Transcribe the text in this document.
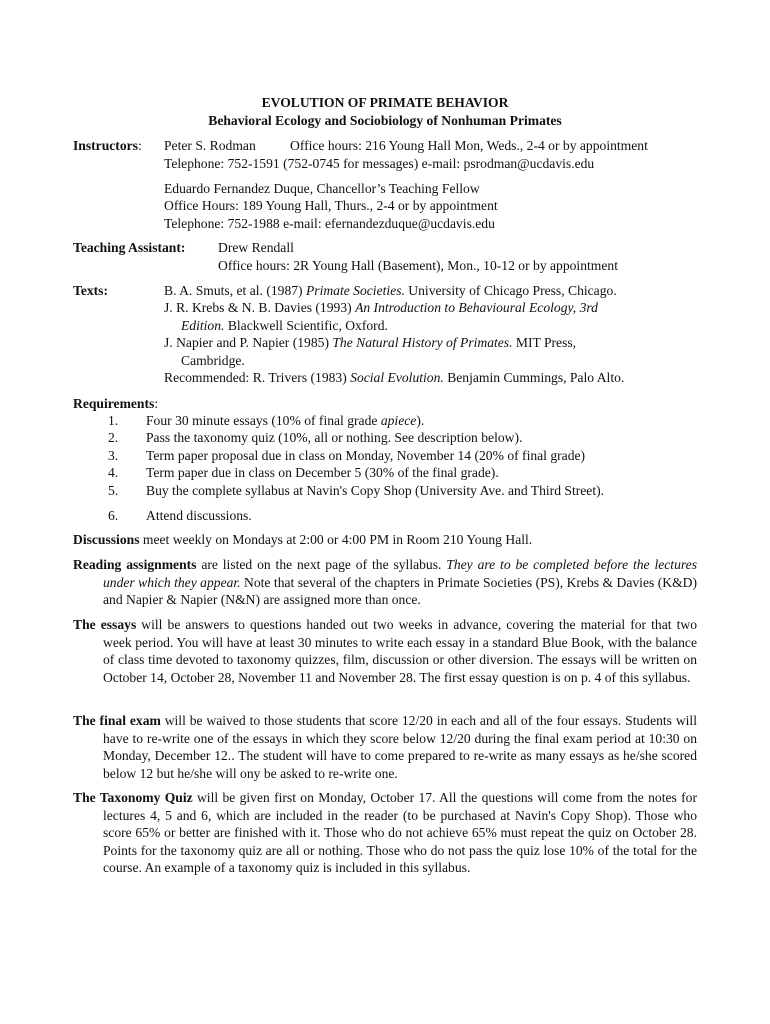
EVOLUTION OF PRIMATE BEHAVIOR
Behavioral Ecology and Sociobiology of Nonhuman Primates
Instructors: Peter S. Rodman	Office hours: 216 Young Hall Mon, Weds., 2-4 or by appointment
Telephone: 752-1591 (752-0745 for messages) e-mail: psrodman@ucdavis.edu
Eduardo Fernandez Duque, Chancellor’s Teaching Fellow
Office Hours: 189 Young Hall, Thurs., 2-4 or by appointment
Telephone: 752-1988 e-mail: efernandezduque@ucdavis.edu
Teaching Assistant: Drew Rendall
Office hours: 2R Young Hall (Basement), Mon., 10-12 or by appointment
Texts:	B. A. Smuts, et al. (1987) Primate Societies. University of Chicago Press, Chicago.
J. R. Krebs & N. B. Davies (1993) An Introduction to Behavioural Ecology, 3rd
Edition. Blackwell Scientific, Oxford.
J. Napier and P. Napier (1985) The Natural History of Primates. MIT Press,
Cambridge.
Recommended: R. Trivers (1983) Social Evolution. Benjamin Cummings, Palo Alto.
Requirements:
1. Four 30 minute essays (10% of final grade apiece).
2. Pass the taxonomy quiz (10%, all or nothing. See description below).
3. Term paper proposal due in class on Monday, November 14 (20% of final grade)
4. Term paper due in class on December 5 (30% of the final grade).
5. Buy the complete syllabus at Navin's Copy Shop (University Ave. and Third Street).
6. Attend discussions.
Discussions meet weekly on Mondays at 2:00 or 4:00 PM in Room 210 Young Hall.
Reading assignments are listed on the next page of the syllabus. They are to be completed before the lectures under which they appear. Note that several of the chapters in Primate Societies (PS), Krebs & Davies (K&D) and Napier & Napier (N&N) are assigned more than once.
The essays will be answers to questions handed out two weeks in advance, covering the material for that two week period. You will have at least 30 minutes to write each essay in a standard Blue Book, with the balance of class time devoted to taxonomy quizzes, film, discussion or other diversion. The essays will be written on October 14, October 28, November 11 and November 28. The first essay question is on p. 4 of this syllabus.
The final exam will be waived to those students that score 12/20 in each and all of the four essays. Students will have to re-write one of the essays in which they score below 12/20 during the final exam period at 10:30 on Monday, December 12.. The student will have to come prepared to re-write as many essays as he/she scored below 12 but he/she will ony be asked to re-write one.
The Taxonomy Quiz will be given first on Monday, October 17. All the questions will come from the notes for lectures 4, 5 and 6, which are included in the reader (to be purchased at Navin's Copy Shop). Those who score 65% or better are finished with it. Those who do not achieve 65% must repeat the quiz on October 28. Points for the taxonomy quiz are all or nothing. Those who do not pass the quiz lose 10% of the total for the course. An example of a taxonomy quiz is included in this syllabus.
